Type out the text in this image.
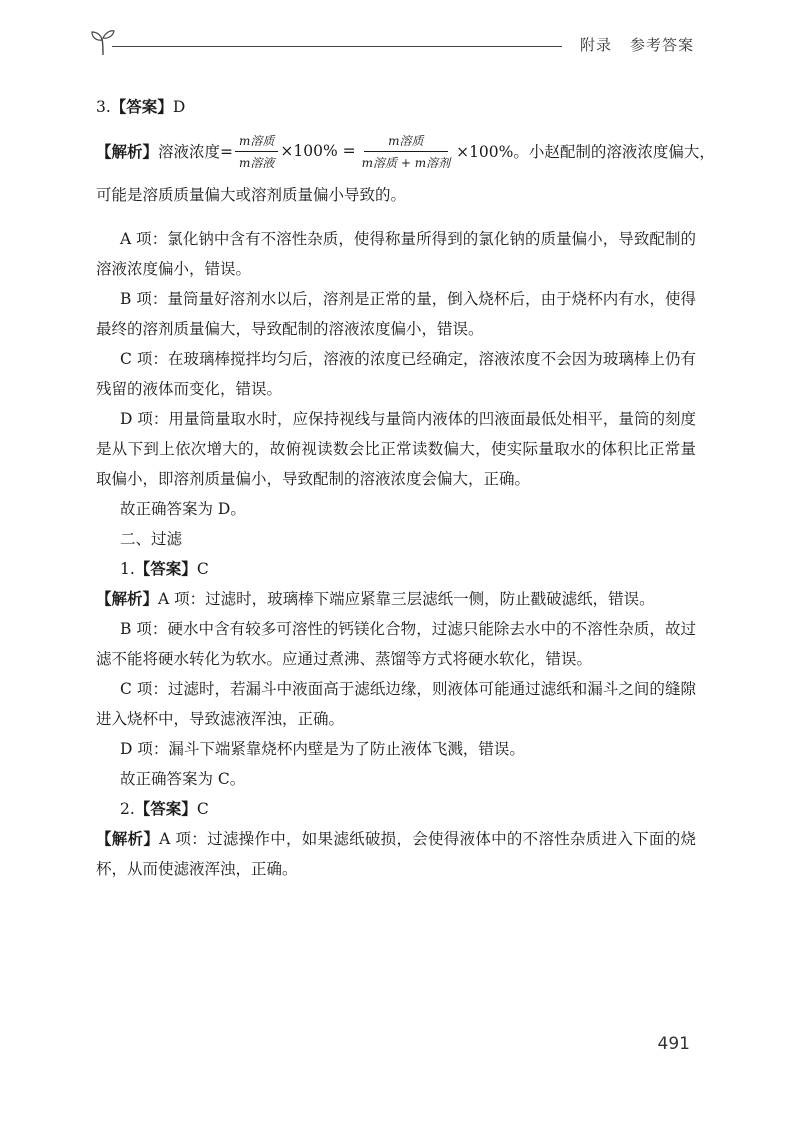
附录 参考答案

3.【答案】D

【解析】 溶液浓度= $\frac{\text{m溶质}}{\text{m溶液}} \times 100\% = \frac{\text{m溶质}}{\text{m溶质 + m溶剂}} \times 100\%$。 小赵配制的溶液浓度偏大，

可能是溶质质量偏大或溶剂质量偏小导致的。

A 项：氯化钠中含有不溶性杂质，使得称量所得到的氯化钠的质量偏小，导致配制的溶液浓度偏小，错误。

B 项：量筒量好溶剂水以后，溶剂是正常的量，倒入烧杯后，由于烧杯内有水，使得最终的溶剂质量偏大，导致配制的溶液浓度偏小，错误。

C 项：在玻璃棒搅拌均匀后，溶液的浓度已经确定，溶液浓度不会因为玻璃棒上仍有残留的液体而变化，错误。

D 项：用量筒量取水时，应保持视线与量筒内液体的凹液面最低处相平，量筒的刻度是从下到上依次增大的，故俯视读数会比正常读数偏大，使实际量取水的体积比正常量取偏小，即溶剂质量偏小，导致配制的溶液浓度会偏大，正确。

故正确答案为 D。

二、过滤

1.【答案】C

【解析】A 项：过滤时，玻璃棒下端应紧靠三层滤纸一侧，防止戳破滤纸，错误。

B 项：硬水中含有较多可溶性的钙镁化合物，过滤只能除去水中的不溶性杂质，故过滤不能将硬水转化为软水。应通过煮沸、蒸馏等方式将硬水软化，错误。

C 项：过滤时，若漏斗中液面高于滤纸边缘，则液体可能通过滤纸和漏斗之间的缝隙进入烧杯中，导致滤液浑浊，正确。

D 项：漏斗下端紧靠烧杯内壁是为了防止液体飞溅，错误。

故正确答案为 C。

2.【答案】C

【解析】A 项：过滤操作中，如果滤纸破损，会使得液体中的不溶性杂质进入下面的烧杯，从而使滤液浑浊，正确。

491
